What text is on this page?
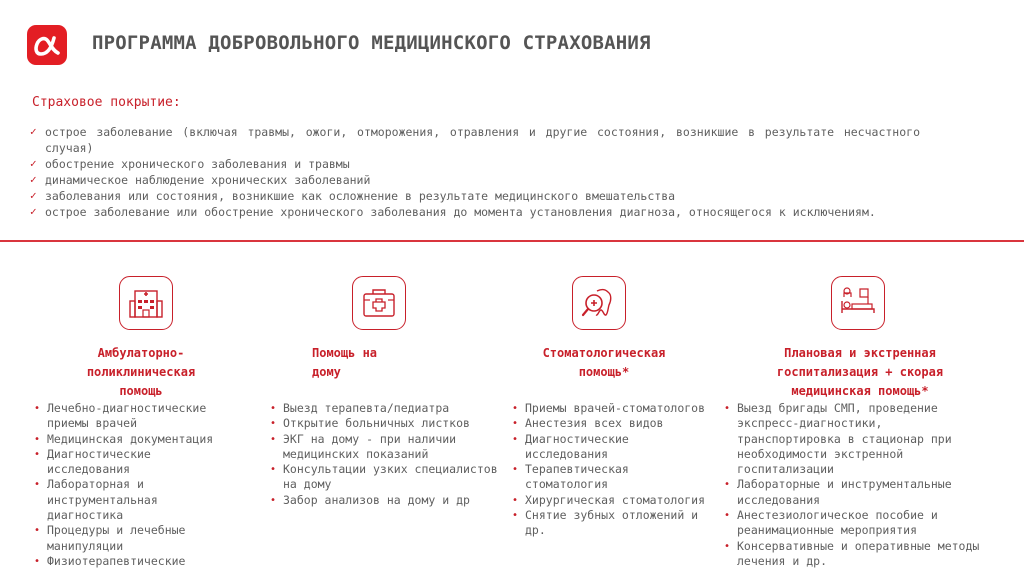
ПРОГРАММА ДОБРОВОЛЬНОГО МЕДИЦИНСКОГО СТРАХОВАНИЯ
Страховое покрытие:
✓ острое заболевание (включая травмы, ожоги, отморожения, отравления и другие состояния, возникшие в результате несчастного случая)
✓ обострение хронического заболевания и травмы
✓ динамическое наблюдение хронических заболеваний
✓ заболевания или состояния, возникшие как осложнение в результате медицинского вмешательства
✓ острое заболевание или обострение хронического заболевания до момента установления диагноза, относящегося к исключениям.
Амбулаторно-поликлиническая помощь
• Лечебно-диагностические приемы врачей
• Медицинская документация
• Диагностические исследования
• Лабораторная и инструментальная диагностика
• Процедуры и лечебные манипуляции
• Физиотерапевтические
Помощь на дому
• Выезд терапевта/педиатра
• Открытие больничных листков
• ЭКГ на дому - при наличии медицинских показаний
• Консультации узких специалистов на дому
• Забор анализов на дому и др
Стоматологическая помощь*
• Приемы врачей-стоматологов
• Анестезия всех видов
• Диагностические исследования
• Терапевтическая стоматология
• Хирургическая стоматология
• Снятие зубных отложений и др.
Плановая и экстренная госпитализация + скорая медицинская помощь*
• Выезд бригады СМП, проведение экспресс-диагностики, транспортировка в стационар при необходимости экстренной госпитализации
• Лабораторные и инструментальные исследования
• Анестезиологическое пособие и реанимационные мероприятия
• Консервативные и оперативные методы лечения и др.
